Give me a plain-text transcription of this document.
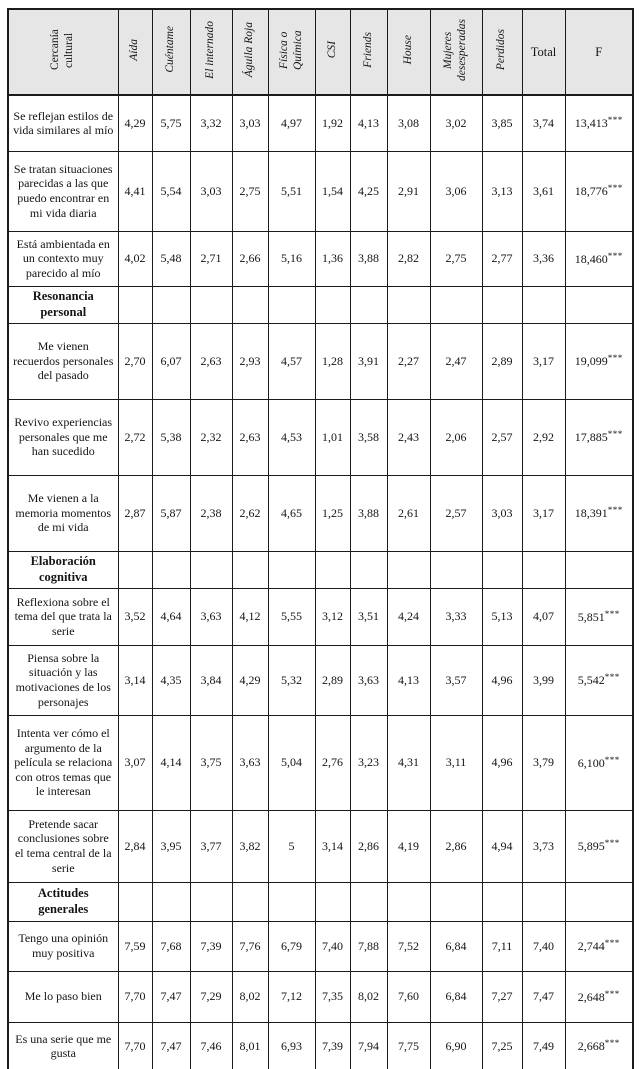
Cercanía cultural	Aída	Cuéntame	El internado	Águila Roja	Física o Química	CSI	Friends	House	Mujeres desesperadas	Perdidos	Total	F
Se reflejan estilos de vida similares al mío	4,29	5,75	3,32	3,03	4,97	1,92	4,13	3,08	3,02	3,85	3,74	13,413***
Se tratan situaciones parecidas a las que puedo encontrar en mi vida diaria	4,41	5,54	3,03	2,75	5,51	1,54	4,25	2,91	3,06	3,13	3,61	18,776***
Está ambientada en un contexto muy parecido al mío	4,02	5,48	2,71	2,66	5,16	1,36	3,88	2,82	2,75	2,77	3,36	18,460***
Resonancia personal												
Me vienen recuerdos personales del pasado	2,70	6,07	2,63	2,93	4,57	1,28	3,91	2,27	2,47	2,89	3,17	19,099***
Revivo experiencias personales que me han sucedido	2,72	5,38	2,32	2,63	4,53	1,01	3,58	2,43	2,06	2,57	2,92	17,885***
Me vienen a la memoria momentos de mi vida	2,87	5,87	2,38	2,62	4,65	1,25	3,88	2,61	2,57	3,03	3,17	18,391***
Elaboración cognitiva												
Reflexiona sobre el tema del que trata la serie	3,52	4,64	3,63	4,12	5,55	3,12	3,51	4,24	3,33	5,13	4,07	5,851***
Piensa sobre la situación y las motivaciones de los personajes	3,14	4,35	3,84	4,29	5,32	2,89	3,63	4,13	3,57	4,96	3,99	5,542***
Intenta ver cómo el argumento de la película se relaciona con otros temas que le interesan	3,07	4,14	3,75	3,63	5,04	2,76	3,23	4,31	3,11	4,96	3,79	6,100***
Pretende sacar conclusiones sobre el tema central de la serie	2,84	3,95	3,77	3,82	5	3,14	2,86	4,19	2,86	4,94	3,73	5,895***
Actitudes generales												
Tengo una opinión muy positiva	7,59	7,68	7,39	7,76	6,79	7,40	7,88	7,52	6,84	7,11	7,40	2,744***
Me lo paso bien	7,70	7,47	7,29	8,02	7,12	7,35	8,02	7,60	6,84	7,27	7,47	2,648***
Es una serie que me gusta	7,70	7,47	7,46	8,01	6,93	7,39	7,94	7,75	6,90	7,25	7,49	2,668***
